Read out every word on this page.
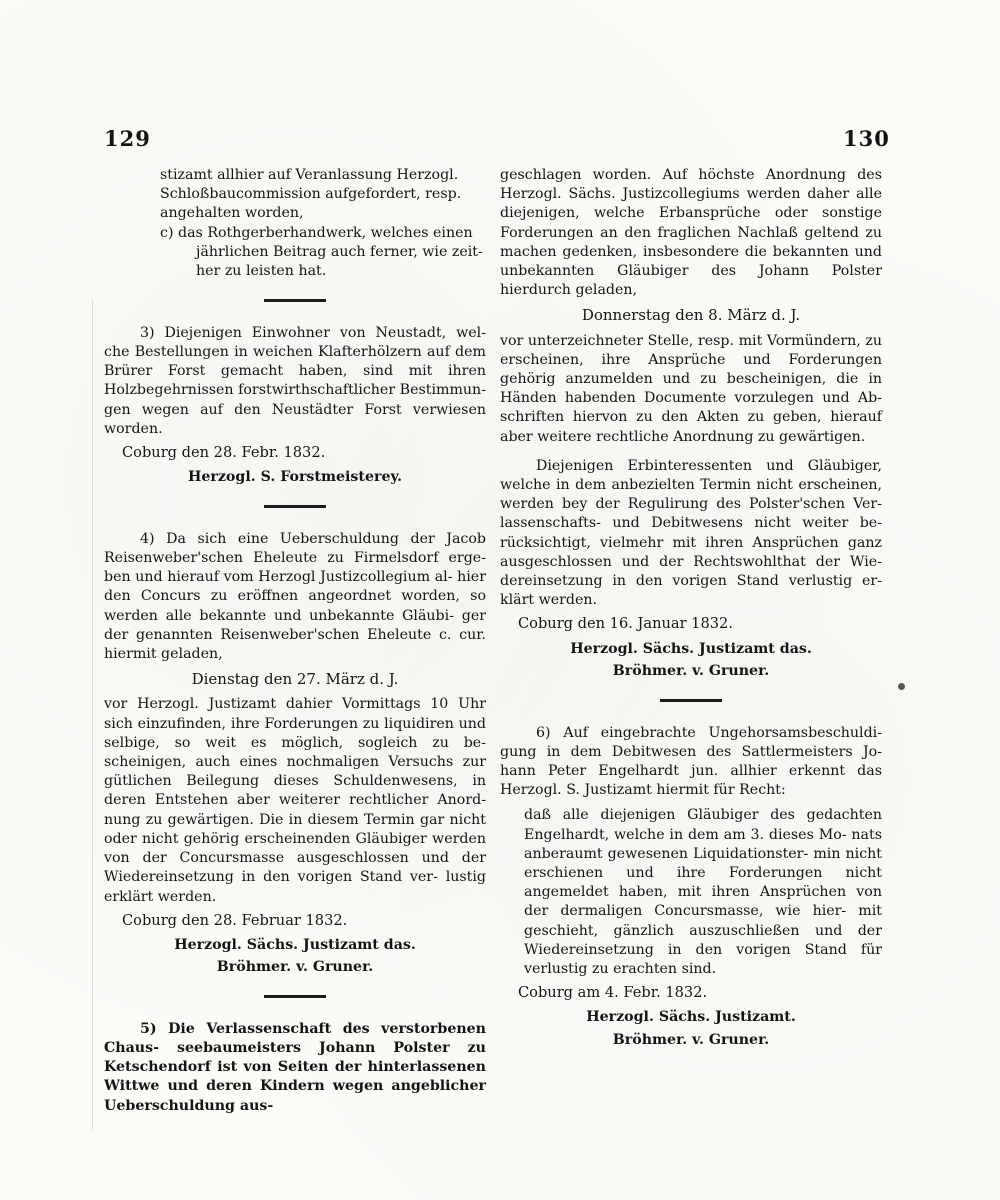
129	130

stizamt allhier auf Veranlassung Herzogl.

Schloßbaucommission aufgefordert, resp.

angehalten worden,

c) das Rothgerberhandwerk, welches einen

jährlichen Beitrag auch ferner, wie zeit-

her zu leisten hat.

3) Diejenigen Einwohner von Neustadt, wel- che Bestellungen in weichen Klafterhölzern auf dem Brürer Forst gemacht haben, sind mit ihren Holzbegehrnissen forstwirthschaftlicher Bestimmun- gen wegen auf den Neustädter Forst verwiesen worden.

Coburg den 28. Febr. 1832.

Herzogl. S. Forstmeisterey.

4) Da sich eine Ueberschuldung der Jacob Reisenweber'schen Eheleute zu Firmelsdorf erge- ben und hierauf vom Herzogl Justizcollegium al- hier den Concurs zu eröffnen angeordnet worden, so werden alle bekannte und unbekannte Gläubi- ger der genannten Reisenweber'schen Eheleute c. cur. hiermit geladen,

Dienstag den 27. März d. J.

vor Herzogl. Justizamt dahier Vormittags 10 Uhr sich einzufinden, ihre Forderungen zu liquidiren und selbige, so weit es möglich, sogleich zu be- scheinigen, auch eines nochmaligen Versuchs zur gütlichen Beilegung dieses Schuldenwesens, in deren Entstehen aber weiterer rechtlicher Anord- nung zu gewärtigen. Die in diesem Termin gar nicht oder nicht gehörig erscheinenden Gläubiger werden von der Concursmasse ausgeschlossen und der Wiedereinsetzung in den vorigen Stand ver- lustig erklärt werden.

Coburg den 28. Februar 1832.

Herzogl. Sächs. Justizamt das.

Bröhmer. v. Gruner.

5) Die Verlassenschaft des verstorbenen Chaus- seebaumeisters Johann Polster zu Ketschendorf ist von Seiten der hinterlassenen Wittwe und deren Kindern wegen angeblicher Ueberschuldung aus-

geschlagen worden. Auf höchste Anordnung des Herzogl. Sächs. Justizcollegiums werden daher alle diejenigen, welche Erbansprüche oder sonstige Forderungen an den fraglichen Nachlaß geltend zu machen gedenken, insbesondere die bekannten und unbekannten Gläubiger des Johann Polster hierdurch geladen,

Donnerstag den 8. März d. J.

vor unterzeichneter Stelle, resp. mit Vormündern, zu erscheinen, ihre Ansprüche und Forderungen gehörig anzumelden und zu bescheinigen, die in Händen habenden Documente vorzulegen und Ab- schriften hiervon zu den Akten zu geben, hierauf aber weitere rechtliche Anordnung zu gewärtigen.

Diejenigen Erbinteressenten und Gläubiger, welche in dem anbezielten Termin nicht erscheinen, werden bey der Regulirung des Polster'schen Ver- lassenschafts- und Debitwesens nicht weiter be- rücksichtigt, vielmehr mit ihren Ansprüchen ganz ausgeschlossen und der Rechtswohlthat der Wie- dereinsetzung in den vorigen Stand verlustig er- klärt werden.

Coburg den 16. Januar 1832.

Herzogl. Sächs. Justizamt das.

Bröhmer. v. Gruner.

6) Auf eingebrachte Ungehorsamsbeschuldi- gung in dem Debitwesen des Sattlermeisters Jo- hann Peter Engelhardt jun. allhier erkennt das Herzogl. S. Justizamt hiermit für Recht:

daß alle diejenigen Gläubiger des gedachten Engelhardt, welche in dem am 3. dieses Mo- nats anberaumt gewesenen Liquidationster- min nicht erschienen und ihre Forderungen nicht angemeldet haben, mit ihren Ansprüchen von der dermaligen Concursmasse, wie hier- mit geschieht, gänzlich auszuschließen und der Wiedereinsetzung in den vorigen Stand für verlustig zu erachten sind.

Coburg am 4. Febr. 1832.

Herzogl. Sächs. Justizamt.

Bröhmer. v. Gruner.
